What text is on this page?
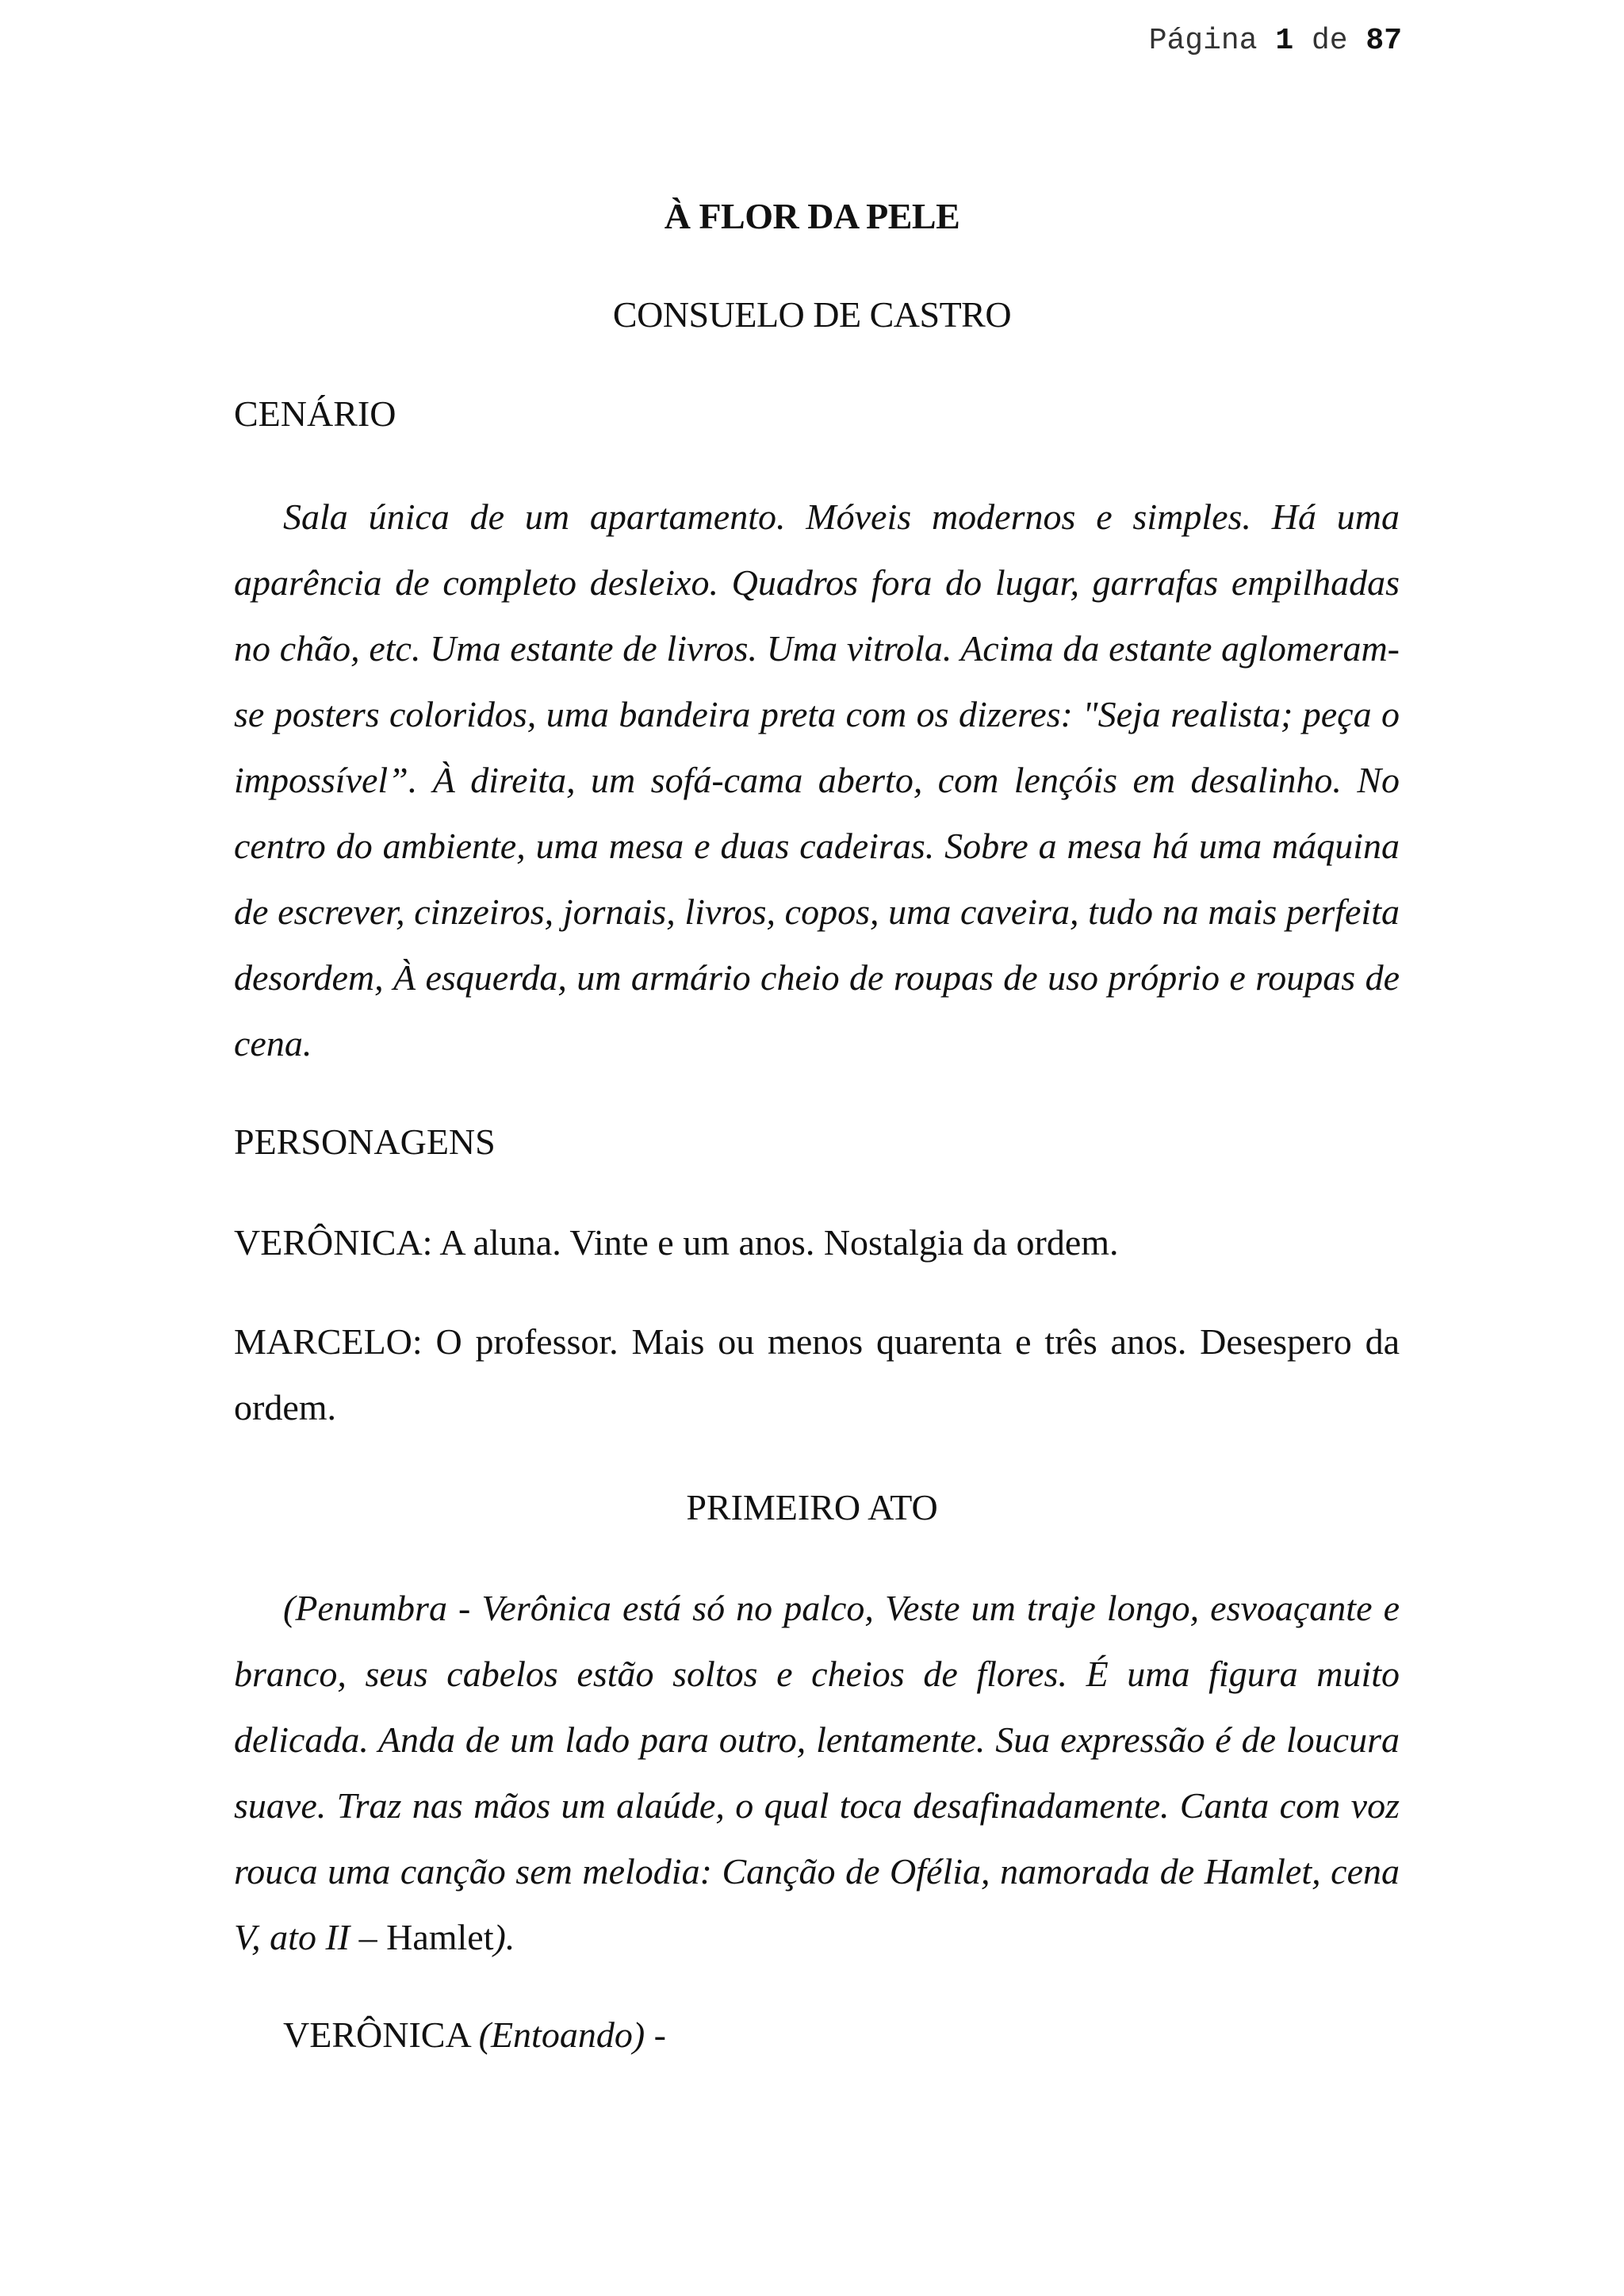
Página 1 de 87
À FLOR DA PELE
CONSUELO DE CASTRO
CENÁRIO
Sala única de um apartamento. Móveis modernos e simples. Há uma aparência de completo desleixo. Quadros fora do lugar, garrafas empilhadas no chão, etc. Uma estante de livros. Uma vitrola. Acima da estante aglomeram-se posters coloridos, uma bandeira preta com os dizeres: "Seja realista; peça o impossível”. À direita, um sofá-cama aberto, com lençóis em desalinho. No centro do ambiente, uma mesa e duas cadeiras. Sobre a mesa há uma máquina de escrever, cinzeiros, jornais, livros, copos, uma caveira, tudo na mais perfeita desordem, À esquerda, um armário cheio de roupas de uso próprio e roupas de cena.
PERSONAGENS
VERÔNICA: A aluna. Vinte e um anos. Nostalgia da ordem.
MARCELO: O professor. Mais ou menos quarenta e três anos. Desespero da ordem.
PRIMEIRO ATO
(Penumbra - Verônica está só no palco, Veste um traje longo, esvoaçante e branco, seus cabelos estão soltos e cheios de flores. É uma figura muito delicada. Anda de um lado para outro, lentamente. Sua expressão é de loucura suave. Traz nas mãos um alaúde, o qual toca desafinadamente. Canta com voz rouca uma canção sem melodia: Canção de Ofélia, namorada de Hamlet, cena V, ato II – Hamlet).
VERÔNICA (Entoando) -
